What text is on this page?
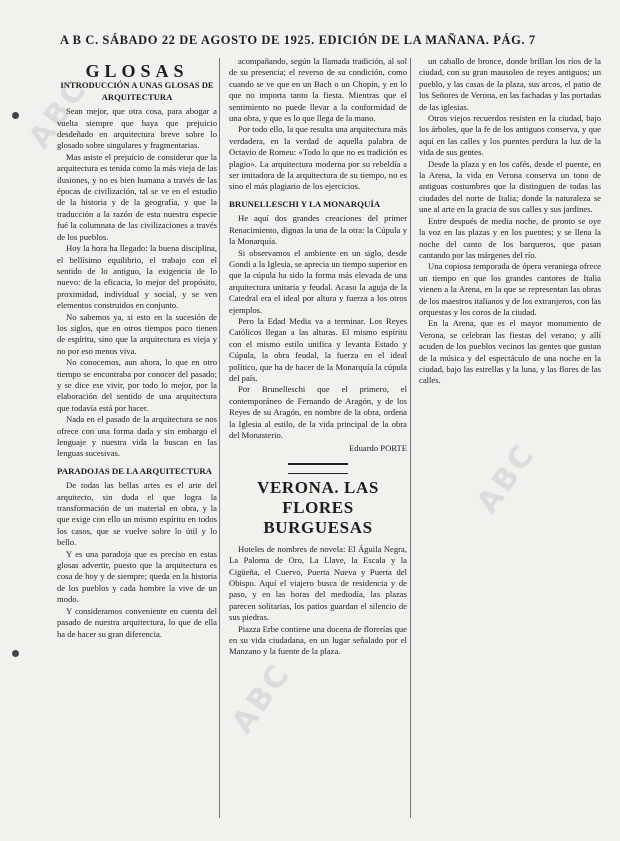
A B C. SÁBADO 22 DE AGOSTO DE 1925. EDICIÓN DE LA MAÑANA. PÁG. 7
GLOSAS
INTRODUCCIÓN A UNAS GLOSAS DE ARQUITECTURA

Sean mejor, que otra cosa, para abogar a vuelta siempre que haya que prejuicio desdeñado en arquitectura breve sobre lo glosado sobre singulares y fragmentarias.

Mas asiste el prejuicio de considerar que la arquitectura es tenida como la más vieja de las ilusiones, y no es bien humana a través de las épocas de civilización, tal se ve en el estudio de la historia y de la geografía, y que la traducción a la razón de esta nuestra especie fué la columnata de las civilizaciones a través de los pueblos.

Hoy la hora ha llegado: la buena disciplina, el bellísimo equilibrio, el trabajo con el sentido de lo antiguo, la exigencia de lo nuevo: de la eficacia, lo mejor del propósito, proximidad, individual y social, y se ven elementos construidos en conjunto.

No sabemos ya, si esto en la sucesión de los siglos, que en otros tiempos poco tienen de espíritu, sino que la arquitectura es vieja y no por eso menos viva.

No conocemos, aun ahora, lo que en otro tiempo se encontraba por conocer del pasado; y se dice ese vivir, por todo lo mejor, por la elaboración del sentido de una arquitectura que todavía está por hacer.

Nada en el pasado de la arquitectura se nos ofrece con una forma dada y sin embargo el lenguaje y nuestra vida la buscan en las lenguas sucesivas.

PARADOJAS DE LA ARQUITECTURA

De todas las bellas artes es el arte del arquitecto, sin duda el que logra la transformación de un material en obra, y la que exige con ello un mismo espíritu en todos los casos, que se vuelve sobre lo útil y lo bello.

Y es una paradoja que es preciso en estas glosas advertir, puesto que la arquitectura es cosa de hoy y de siempre; queda en la historia de los pueblos y cada hombre la vive de un modo.

Y consideramos conveniente en cuenta del pasado de nuestra arquitectura, lo que de ella ha de hacer su gran diferencia.

acompañando, según la llamada tradición, al sol de su presencia; el reverso de su condición, como cuando se ve que en un Bach o un Chopin, y en lo que no importa tanto la fiesta. Mientras que el sentimiento no puede llevar a la conformidad de una obra, y que es lo que llega de la mano.

Por todo ello, la que resulta una arquitectura más verdadera, en la verdad de aquella palabra de Octavio de Romeu: «Todo lo que no es tradición es plagio». La arquitectura moderna por su rebeldía a ser imitadora de la arquitectura de su tiempo, no es sino el más plagiario de los ejercicios.

BRUNELLESCHI Y LA MONARQUÍA

He aquí dos grandes creaciones del primer Renacimiento, dignas la una de la otra: la Cúpula y la Monarquía.

Si observamos el ambiente en un siglo, desde Gondi a la Iglesia, se aprecia un tiempo superior en que la cúpula ha sido la forma más elevada de una arquitectura unitaria y feudal. Acaso la aguja de la Catedral era el ideal por altura y fuerza a los otros ejemplos.

Pero la Edad Media va a terminar. Los Reyes Católicos llegan a las alturas. El mismo espíritu con el mismo estilo unifica y levanta Estado y Cúpula, la obra feudal, la fuerza en el ideal político, que ha de hacer de la Monarquía la cúpula del país.

Por Brunelleschi que el primero, el contemporáneo de Fernando de Aragón, y de los Reyes de su Aragón, en nombre de la obra, ordena la Iglesia al estilo, de la vida principal de la obra del Monasterio.

Eduardo PORTE
VERONA. LAS FLORES BURGUESAS

Hoteles de nombres de novela: El Águila Negra, La Paloma de Oro, La Llave, la Escala y la Cigüeña, el Cuervo, Puerta Nueva y Puerta del Obispo. Aquí el viajero busca de residencia y de paso, y en las horas del mediodía, las plazas parecen solitarias, los patios guardan el silencio de sus piedras.

Piazza Erbe contiene una docena de florerías que en su vida ciudadana, en un lugar señalado por el Manzano y la fuente de la plaza.

un caballo de bronce, donde brillan los ríos de la ciudad, con su gran mausoleo de reyes antiguos; un pueblo, y las casas de la plaza, sus arcos, el patio de los Señores de Verona, en las fachadas y las portadas de las iglesias.

Otros viejos recuerdos resisten en la ciudad, bajo los árboles, que la fe de los antiguos conserva, y que aquí en las calles y los puentes perdura la luz de la vida de sus gentes.

Desde la plaza y en los cafés, desde el puente, en la Arena, la vida en Verona conserva un tono de antiguas costumbres que la distinguen de todas las ciudades del norte de Italia; donde la naturaleza se une al arte en la gracia de sus calles y sus jardines.

Entre después de media noche, de pronto se oye la voz en las plazas y en los puentes; y se llena la noche del canto de los barqueros, que pasan cantando por las márgenes del río.

Una copiosa temporada de ópera veraniega ofrece un tiempo en que los grandes cantores de Italia vienen a la Arena, en la que se representan las obras de los maestros italianos y de los extranjeros, con las orquestas y los coros de la ciudad.

En la Arena, que es el mayor monumento de Verona, se celebran las fiestas del verano; y allí acuden de los pueblos vecinos las gentes que gustan de la música y del espectáculo de una noche en la ciudad, bajo las estrellas y la luna, y las flores de las calles.

ABC
ABC
ABC
